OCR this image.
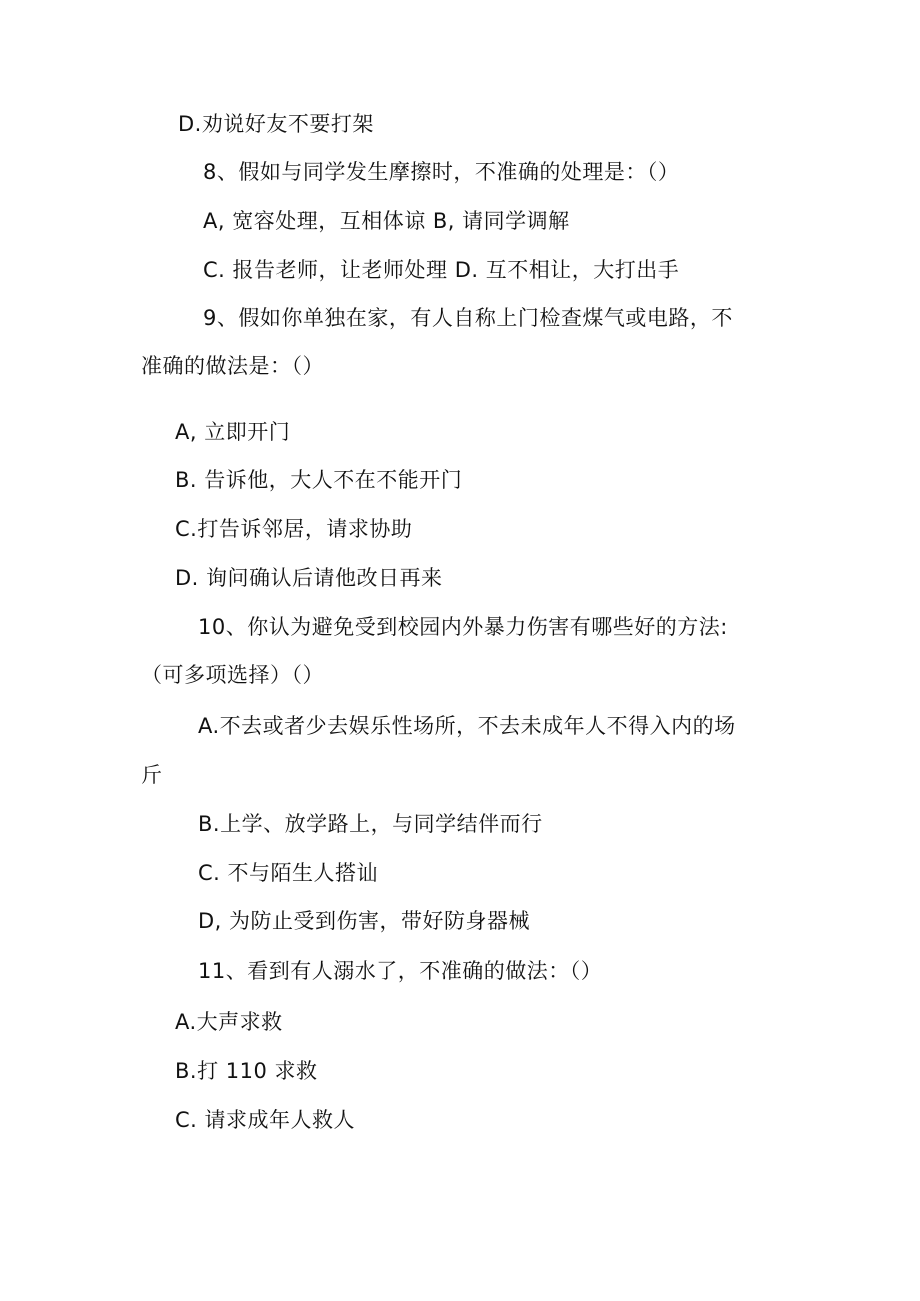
D.劝说好友不要打架
8、假如与同学发生摩擦时，不准确的处理是：（）
A, 宽容处理，互相体谅 B, 请同学调解
C. 报告老师，让老师处理 D. 互不相让，大打出手
9、假如你单独在家，有人自称上门检查煤气或电路，不
准确的做法是：（）
A, 立即开门
B. 告诉他，大人不在不能开门
C.打告诉邻居，请求协助
D. 询问确认后请他改日再来
10、你认为避免受到校园内外暴力伤害有哪些好的方法:
（可多项选择）（）
A.不去或者少去娱乐性场所，不去未成年人不得入内的场
斤
B.上学、放学路上，与同学结伴而行
C. 不与陌生人搭讪
D, 为防止受到伤害，带好防身器械
11、看到有人溺水了，不准确的做法：（）
A.大声求救
B.打 110 求救
C. 请求成年人救人
